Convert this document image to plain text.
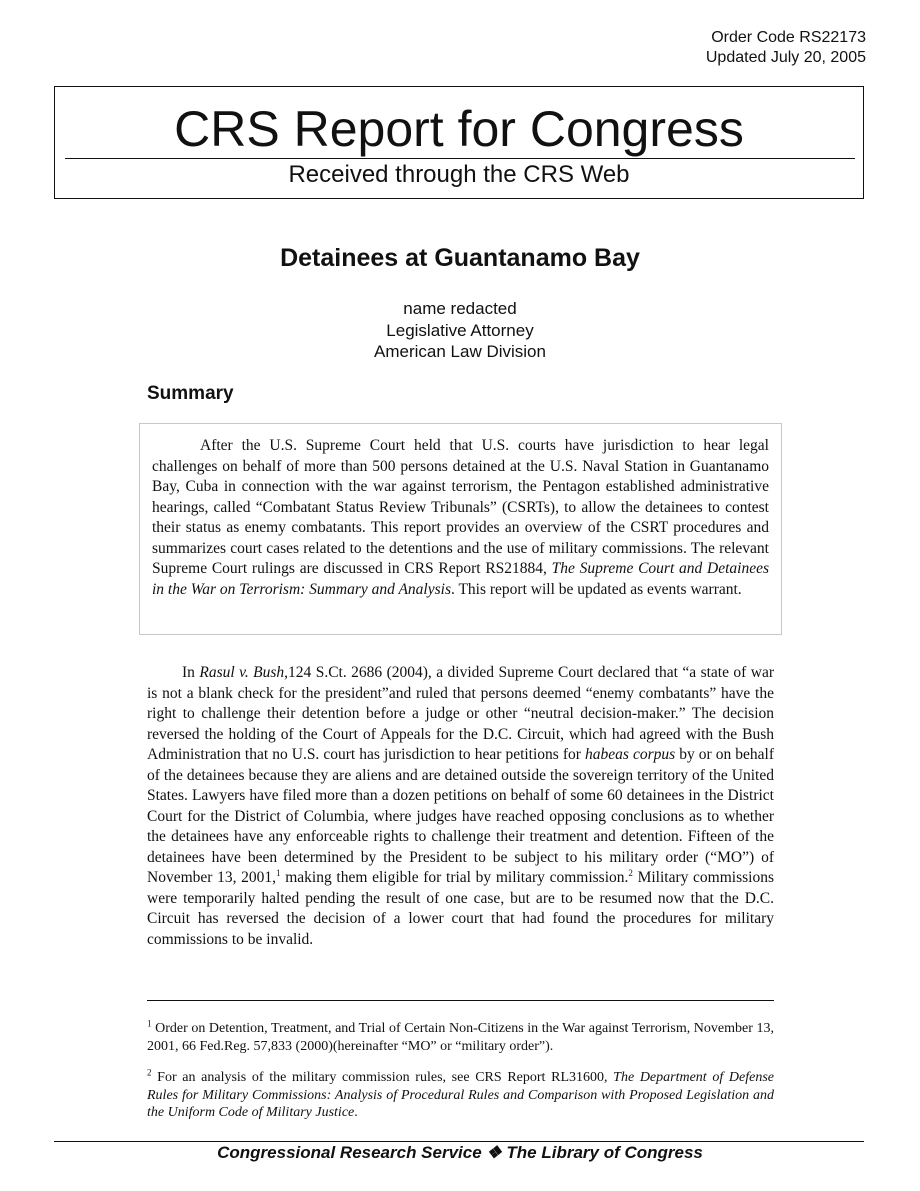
Order Code RS22173
Updated July 20, 2005
CRS Report for Congress
Received through the CRS Web
Detainees at Guantanamo Bay
name redacted
Legislative Attorney
American Law Division
Summary

After the U.S. Supreme Court held that U.S. courts have jurisdiction to hear legal challenges on behalf of more than 500 persons detained at the U.S. Naval Station in Guantanamo Bay, Cuba in connection with the war against terrorism, the Pentagon established administrative hearings, called “Combatant Status Review Tribunals” (CSRTs), to allow the detainees to contest their status as enemy combatants. This report provides an overview of the CSRT procedures and summarizes court cases related to the detentions and the use of military commissions. The relevant Supreme Court rulings are discussed in CRS Report RS21884, The Supreme Court and Detainees in the War on Terrorism: Summary and Analysis. This report will be updated as events warrant.

In Rasul v. Bush,124 S.Ct. 2686 (2004), a divided Supreme Court declared that “a state of war is not a blank check for the president”and ruled that persons deemed “enemy combatants” have the right to challenge their detention before a judge or other “neutral decision-maker.” The decision reversed the holding of the Court of Appeals for the D.C. Circuit, which had agreed with the Bush Administration that no U.S. court has jurisdiction to hear petitions for habeas corpus by or on behalf of the detainees because they are aliens and are detained outside the sovereign territory of the United States. Lawyers have filed more than a dozen petitions on behalf of some 60 detainees in the District Court for the District of Columbia, where judges have reached opposing conclusions as to whether the detainees have any enforceable rights to challenge their treatment and detention. Fifteen of the detainees have been determined by the President to be subject to his military order (“MO”) of November 13, 2001,$^1$ making them eligible for trial by military commission.$^2$ Military commissions were temporarily halted pending the result of one case, but are to be resumed now that the D.C. Circuit has reversed the decision of a lower court that had found the procedures for military commissions to be invalid.

$^1$ Order on Detention, Treatment, and Trial of Certain Non-Citizens in the War against Terrorism, November 13, 2001, 66 Fed.Reg. 57,833 (2000)(hereinafter “MO” or “military order”).

$^2$ For an analysis of the military commission rules, see CRS Report RL31600, The Department of Defense Rules for Military Commissions: Analysis of Procedural Rules and Comparison with Proposed Legislation and the Uniform Code of Military Justice.

Congressional Research Service ❖ The Library of Congress
